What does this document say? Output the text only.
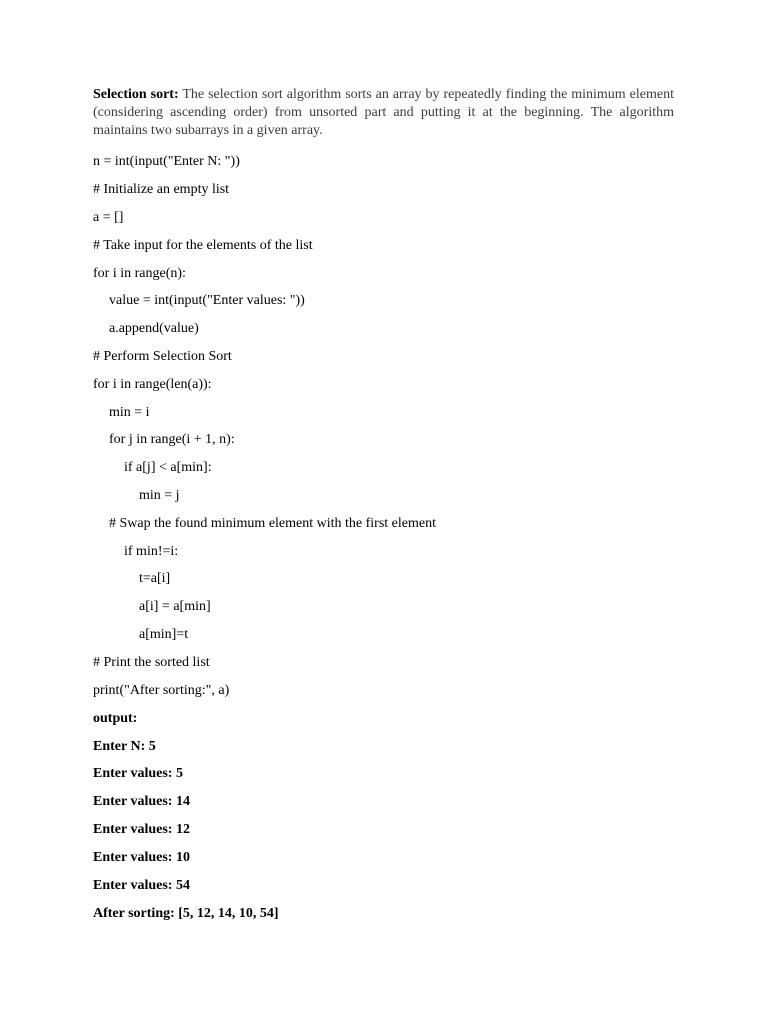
Selection sort: The selection sort algorithm sorts an array by repeatedly finding the minimum element (considering ascending order) from unsorted part and putting it at the beginning. The algorithm maintains two subarrays in a given array.

n = int(input("Enter N: "))

# Initialize an empty list

a = []

# Take input for the elements of the list

for i in range(n):

value = int(input("Enter values: "))

a.append(value)

# Perform Selection Sort

for i in range(len(a)):

min = i

for j in range(i + 1, n):

if a[j] < a[min]:

min = j

# Swap the found minimum element with the first element

if min!=i:

t=a[i]

a[i] = a[min]

a[min]=t

# Print the sorted list

print("After sorting:", a)

output:

Enter N: 5

Enter values: 5

Enter values: 14

Enter values: 12

Enter values: 10

Enter values: 54

After sorting: [5, 12, 14, 10, 54]
